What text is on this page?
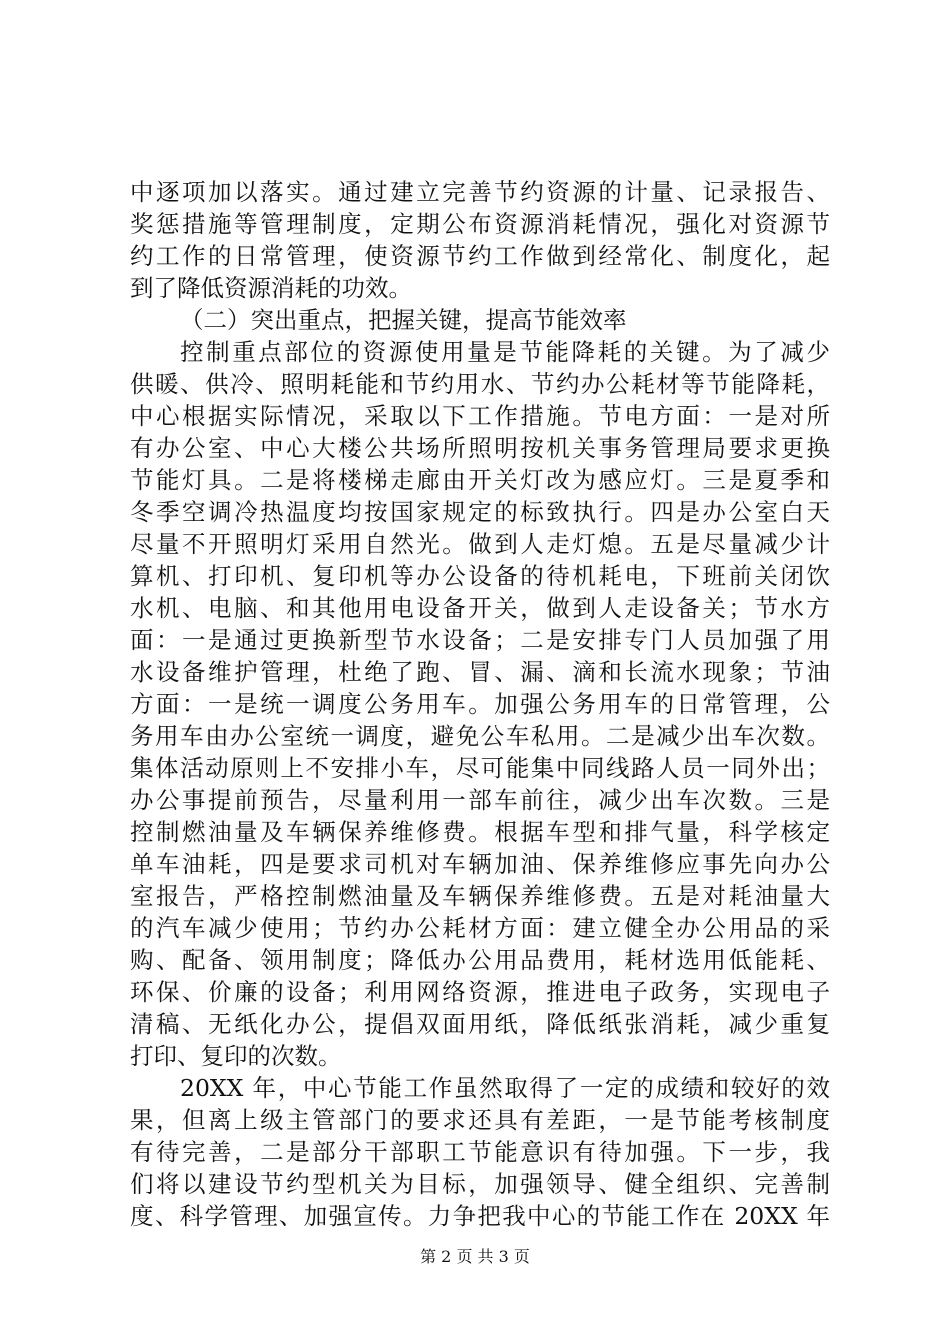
中逐项加以落实。通过建立完善节约资源的计量、记录报告、
奖惩措施等管理制度，定期公布资源消耗情况，强化对资源节
约工作的日常管理，使资源节约工作做到经常化、制度化，起
到了降低资源消耗的功效。
（二）突出重点，把握关键，提高节能效率
控制重点部位的资源使用量是节能降耗的关键。为了减少
供暖、供冷、照明耗能和节约用水、节约办公耗材等节能降耗，
中心根据实际情况，采取以下工作措施。节电方面：一是对所
有办公室、中心大楼公共场所照明按机关事务管理局要求更换
节能灯具。二是将楼梯走廊由开关灯改为感应灯。三是夏季和
冬季空调冷热温度均按国家规定的标致执行。四是办公室白天
尽量不开照明灯采用自然光。做到人走灯熄。五是尽量减少计
算机、打印机、复印机等办公设备的待机耗电，下班前关闭饮
水机、电脑、和其他用电设备开关，做到人走设备关；节水方
面：一是通过更换新型节水设备；二是安排专门人员加强了用
水设备维护管理，杜绝了跑、冒、漏、滴和长流水现象；节油
方面：一是统一调度公务用车。加强公务用车的日常管理，公
务用车由办公室统一调度，避免公车私用。二是减少出车次数。
集体活动原则上不安排小车，尽可能集中同线路人员一同外出；
办公事提前预告，尽量利用一部车前往，减少出车次数。三是
控制燃油量及车辆保养维修费。根据车型和排气量，科学核定
单车油耗，四是要求司机对车辆加油、保养维修应事先向办公
室报告，严格控制燃油量及车辆保养维修费。五是对耗油量大
的汽车减少使用；节约办公耗材方面：建立健全办公用品的采
购、配备、领用制度；降低办公用品费用，耗材选用低能耗、
环保、价廉的设备；利用网络资源，推进电子政务，实现电子
清稿、无纸化办公，提倡双面用纸，降低纸张消耗，减少重复
打印、复印的次数。
20XX 年，中心节能工作虽然取得了一定的成绩和较好的效
果，但离上级主管部门的要求还具有差距，一是节能考核制度
有待完善，二是部分干部职工节能意识有待加强。下一步，我
们将以建设节约型机关为目标，加强领导、健全组织、完善制
度、科学管理、加强宣传。力争把我中心的节能工作在 20XX 年
第 2 页 共 3 页
